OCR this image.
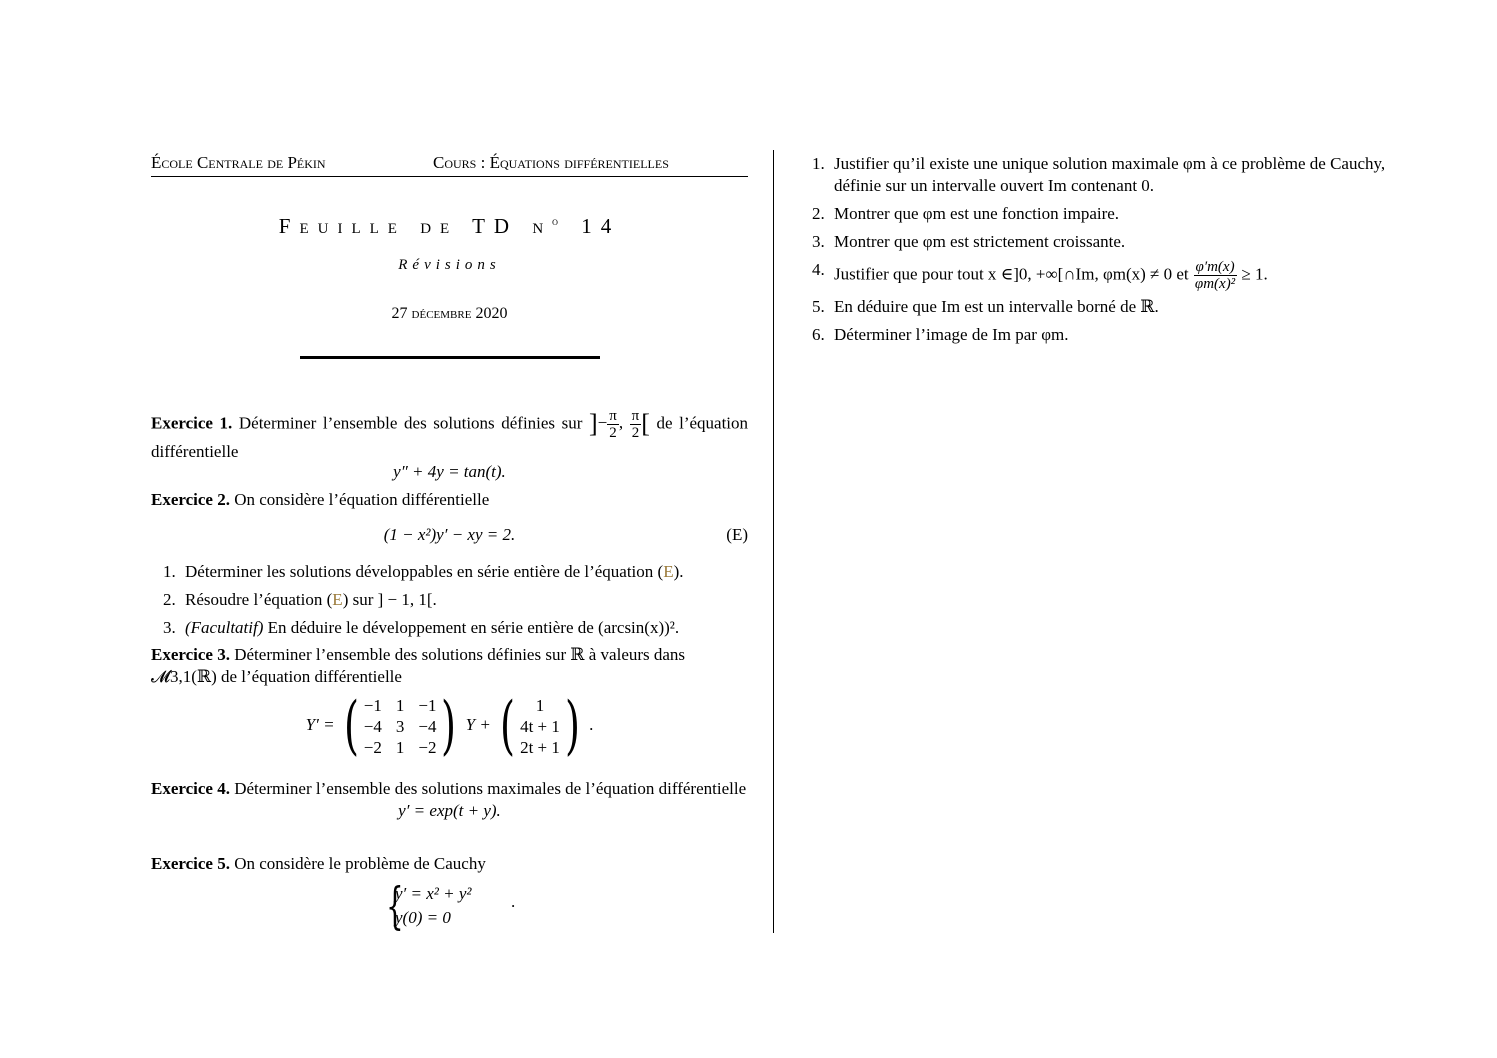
École Centrale de Pékin	Cours : Équations différentielles
Feuille de TD $n^o$ 14
Révisions
27 décembre 2020
Exercice 1. Déterminer l’ensemble des solutions définies sur ]− $\frac{\pi}{2}$ , $\frac{\pi}{2}$ [ de l’équation différentielle
y″ + 4y = tan(t).
Exercice 2. On considère l’équation différentielle
(1 − x²)y′ − xy = 2.	(E)
1. Déterminer les solutions développables en série entière de l’équation (E).
2. Résoudre l’équation (E) sur ] − 1, 1[.
3. (Facultatif) En déduire le développement en série entière de (arcsin(x))².
Exercice 3. Déterminer l’ensemble des solutions définies sur ℝ à valeurs dans
𝓜3,1(ℝ) de l’équation différentielle
Y′ = ( −1 1 −1
−4 3 −4
−2 1 −2 ) Y + (	1
4t + 1
2t + 1 ) .
Exercice 4. Déterminer l’ensemble des solutions maximales de l’équation différentielle
y′ = exp(t + y).
Exercice 5. On considère le problème de Cauchy
{
y′ = x² + y²
y(0) = 0
.
1. Justifier qu’il existe une unique solution maximale φm à ce problème de Cauchy, définie sur un intervalle ouvert Im contenant 0.
2. Montrer que φm est une fonction impaire.
3. Montrer que φm est strictement croissante.
4. Justifier que pour tout x ∈]0, +∞[∩Im, φm(x) ≠ 0 et $\frac{\varphi'm(x)}{\text{φm(x)²}} \ge 1$.
5. En déduire que Im est un intervalle borné de ℝ.
6. Déterminer l’image de Im par φm.
